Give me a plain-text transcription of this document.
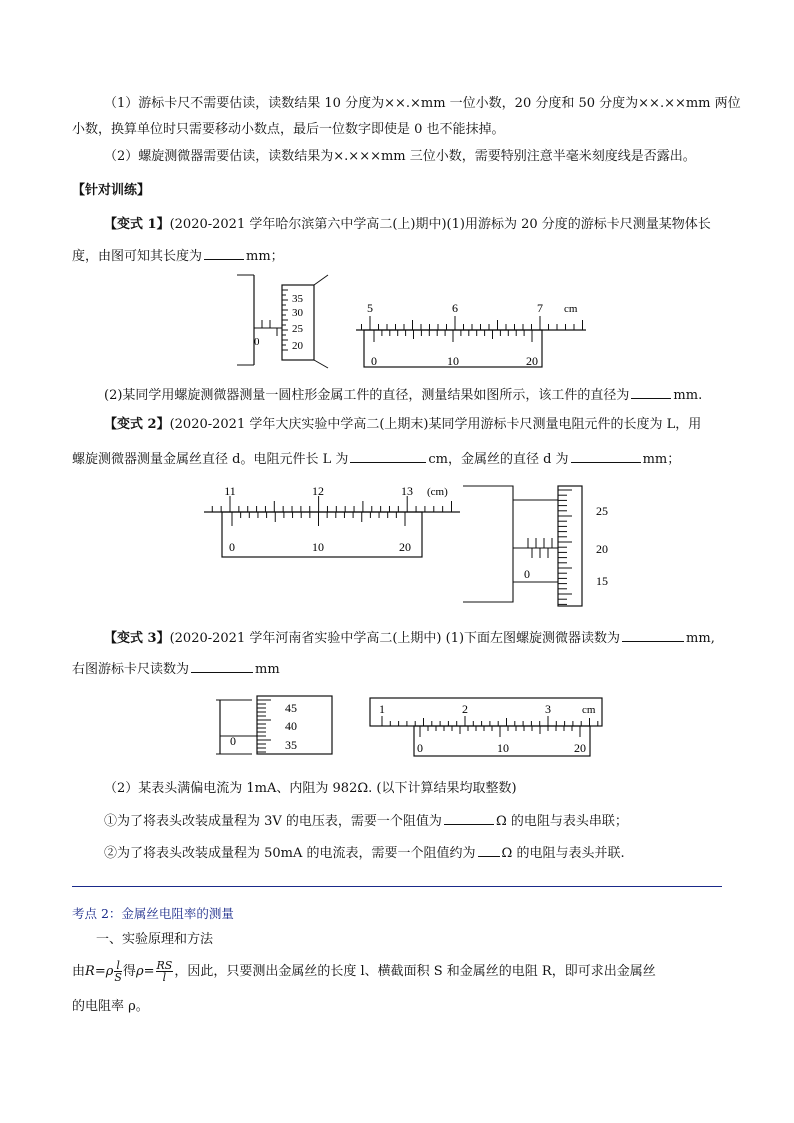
（1）游标卡尺不需要估读，读数结果 10 分度为××.×mm 一位小数，20 分度和 50 分度为××.××mm 两位
小数，换算单位时只需要移动小数点，最后一位数字即使是 0 也不能抹掉。
（2）螺旋测微器需要估读，读数结果为×.×××mm 三位小数，需要特别注意半毫米刻度线是否露出。
【针对训练】
【变式 1】(2020-2021 学年哈尔滨第六中学高二(上)期中)(1)用游标为 20 分度的游标卡尺测量某物体长
度，由图可知其长度为	mm；
35
30
25
20
0
5	6	7 cm
0	10	20
(2)某同学用螺旋测微器测量一圆柱形金属工件的直径，测量结果如图所示，该工件的直径为	mm.
【变式 2】(2020-2021 学年大庆实验中学高二(上期末)某同学用游标卡尺测量电阻元件的长度为 L，用
螺旋测微器测量金属丝直径 d。电阻元件长 L 为	cm，金属丝的直径 d 为	mm；
11	12	13 (cm)
0	10	20
25
20
15
0
【变式 3】(2020-2021 学年河南省实验中学高二(上期中) (1)下面左图螺旋测微器读数为	mm,
右图游标卡尺读数为	mm
45
40
35
0
1	2	3	cm
0	10	20
（2）某表头满偏电流为 1mA、内阻为 982Ω. (以下计算结果均取整数)
①为了将表头改装成量程为 3V 的电压表，需要一个阻值为	Ω 的电阻与表头串联；
②为了将表头改装成量程为 50mA 的电流表，需要一个阻值约为 Ω 的电阻与表头并联.
考点 2：金属丝电阻率的测量
一、实验原理和方法
由$R=\rho \frac{l}{S}$ 得$\rho= \frac{RS}{l}$ ，因此，只要测出金属丝的长度 l、横截面积 S 和金属丝的电阻 R，即可求出金属丝
的电阻率 ρ。
